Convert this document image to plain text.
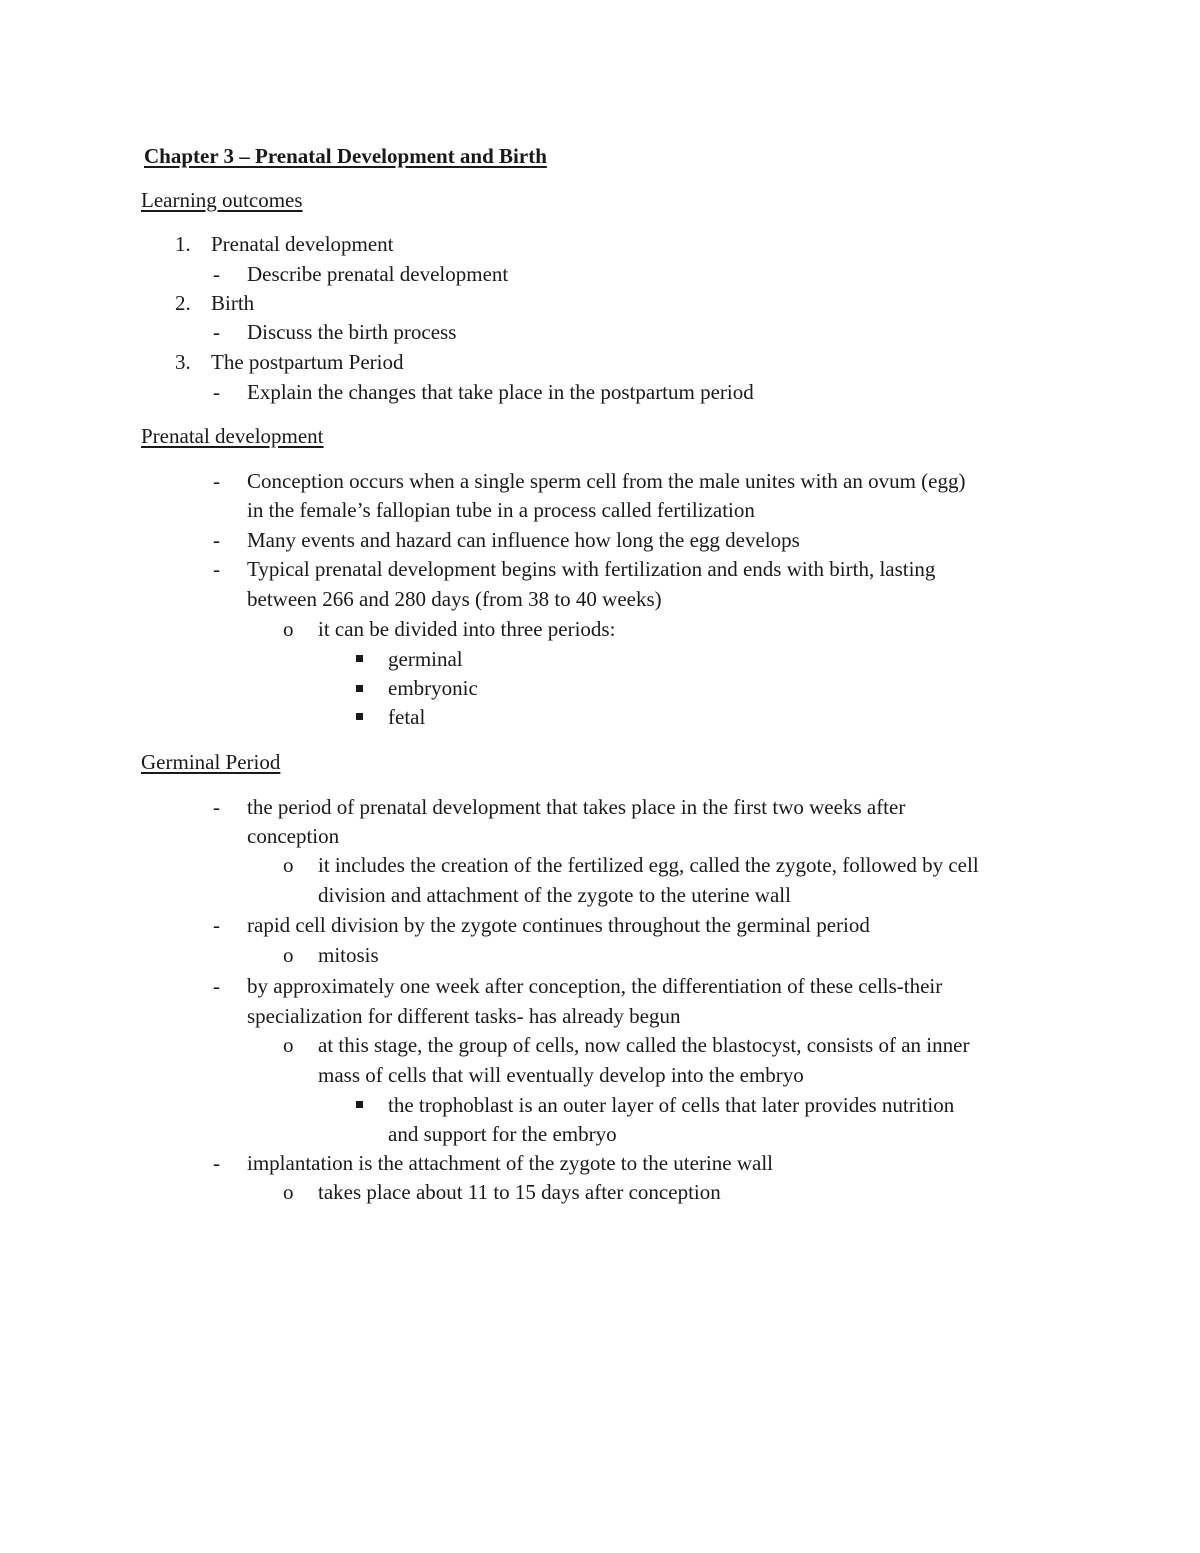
Chapter 3 – Prenatal Development and Birth
Learning outcomes
1. Prenatal development
- Describe prenatal development
2. Birth
- Discuss the birth process
3. The postpartum Period
- Explain the changes that take place in the postpartum period
Prenatal development
- Conception occurs when a single sperm cell from the male unites with an ovum (egg)
in the female’s fallopian tube in a process called fertilization
- Many events and hazard can influence how long the egg develops
- Typical prenatal development begins with fertilization and ends with birth, lasting
between 266 and 280 days (from 38 to 40 weeks)
o it can be divided into three periods:
germinal
embryonic
fetal
Germinal Period
- the period of prenatal development that takes place in the first two weeks after
conception
o it includes the creation of the fertilized egg, called the zygote, followed by cell
division and attachment of the zygote to the uterine wall
- rapid cell division by the zygote continues throughout the germinal period
o mitosis
- by approximately one week after conception, the differentiation of these cells-their
specialization for different tasks- has already begun
o at this stage, the group of cells, now called the blastocyst, consists of an inner
mass of cells that will eventually develop into the embryo
the trophoblast is an outer layer of cells that later provides nutrition
and support for the embryo
- implantation is the attachment of the zygote to the uterine wall
o takes place about 11 to 15 days after conception
